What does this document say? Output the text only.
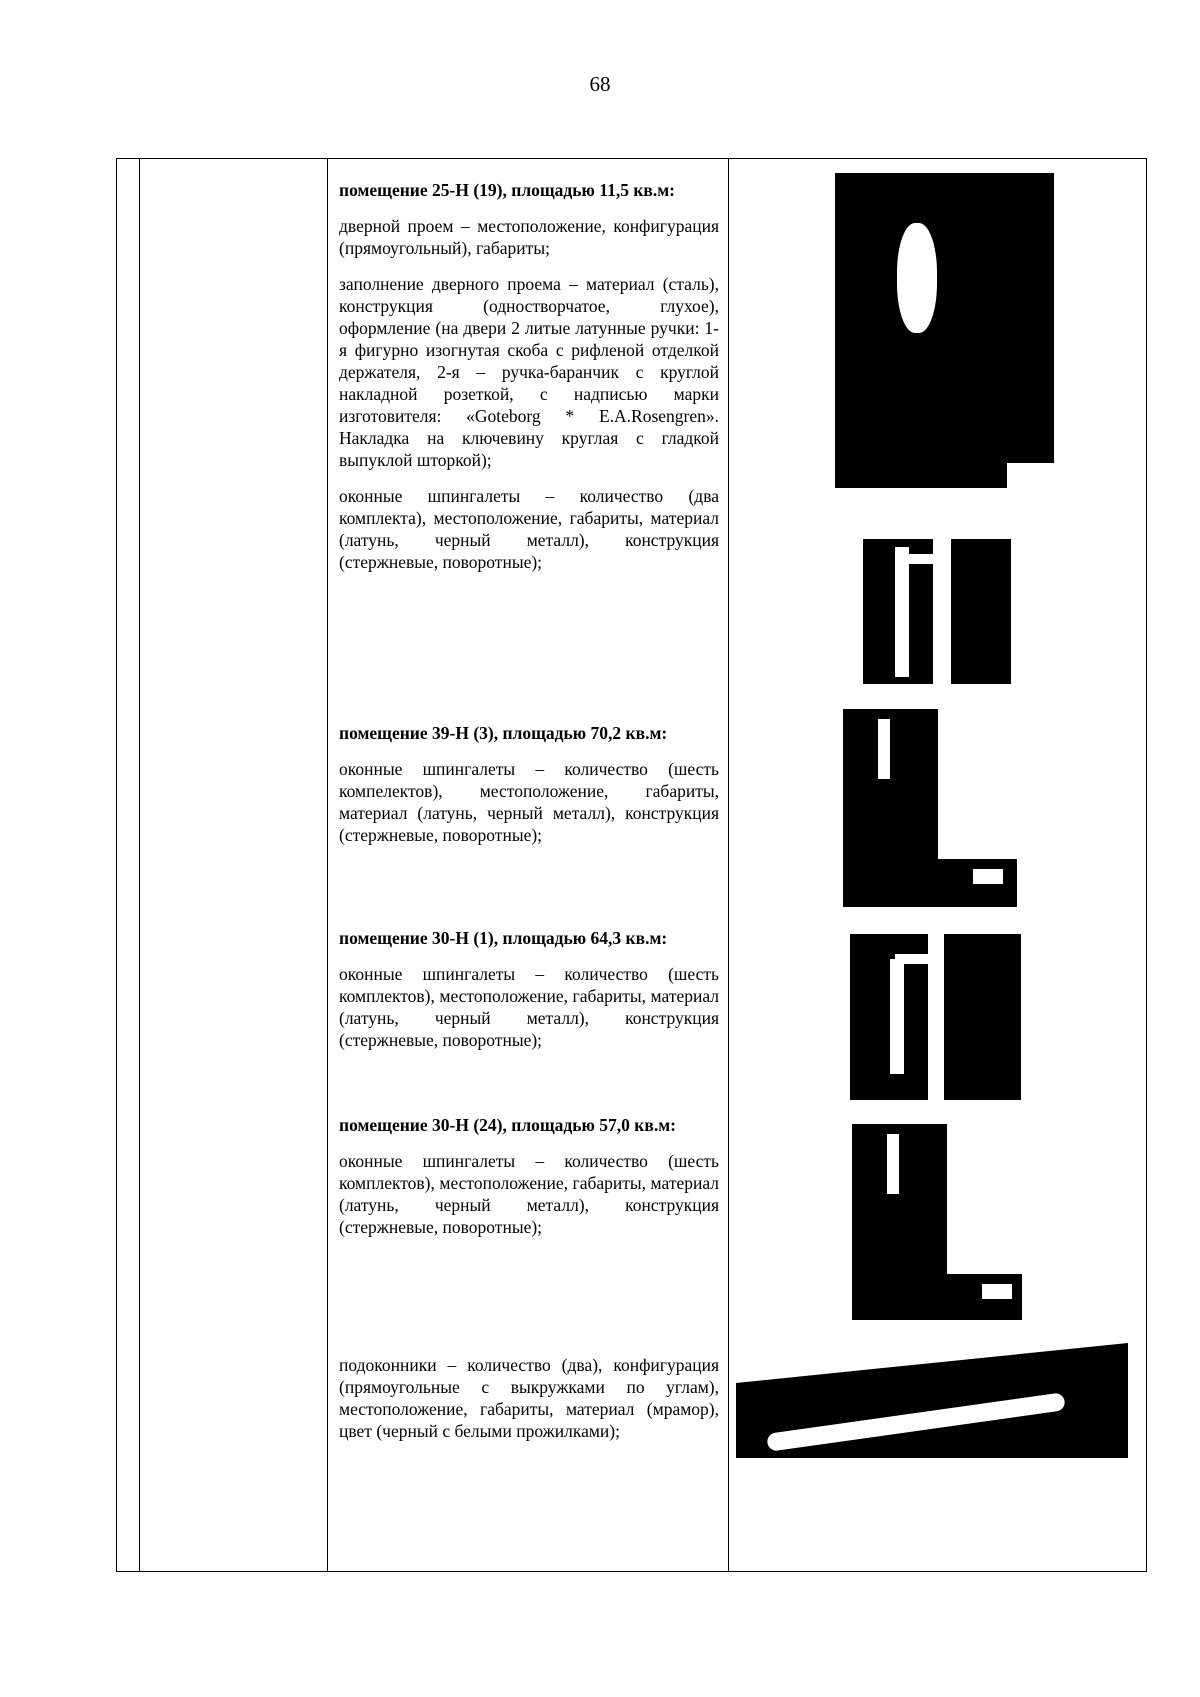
68

помещение 25-Н (19), площадью 11,5 кв.м:

дверной проем – местоположение, конфигурация (прямоугольный), габариты;

заполнение дверного проема – материал (сталь), конструкция (одностворчатое, глухое), оформление (на двери 2 литые латунные ручки: 1-я фигурно изогнутая скоба с рифленой отделкой держателя, 2-я – ручка-баранчик с круглой накладной розеткой, с надписью марки изготовителя: «Goteborg * E.A.Rosengren». Накладка на ключевину круглая с гладкой выпуклой шторкой);

оконные шпингалеты – количество (два комплекта), местоположение, габариты, материал (латунь, черный металл), конструкция (стержневые, поворотные);

помещение 39-Н (3), площадью 70,2 кв.м:

оконные шпингалеты – количество (шесть компелектов), местоположение, габариты, материал (латунь, черный металл), конструкция (стержневые, поворотные);

помещение 30-Н (1), площадью 64,3 кв.м:

оконные шпингалеты – количество (шесть комплектов), местоположение, габариты, материал (латунь, черный металл), конструкция (стержневые, поворотные);

помещение 30-Н (24), площадью 57,0 кв.м:

оконные шпингалеты – количество (шесть комплектов), местоположение, габариты, материал (латунь, черный металл), конструкция (стержневые, поворотные);

подоконники – количество (два), конфигурация (прямоугольные с выкружками по углам), местоположение, габариты, материал (мрамор), цвет (черный с белыми прожилками);
